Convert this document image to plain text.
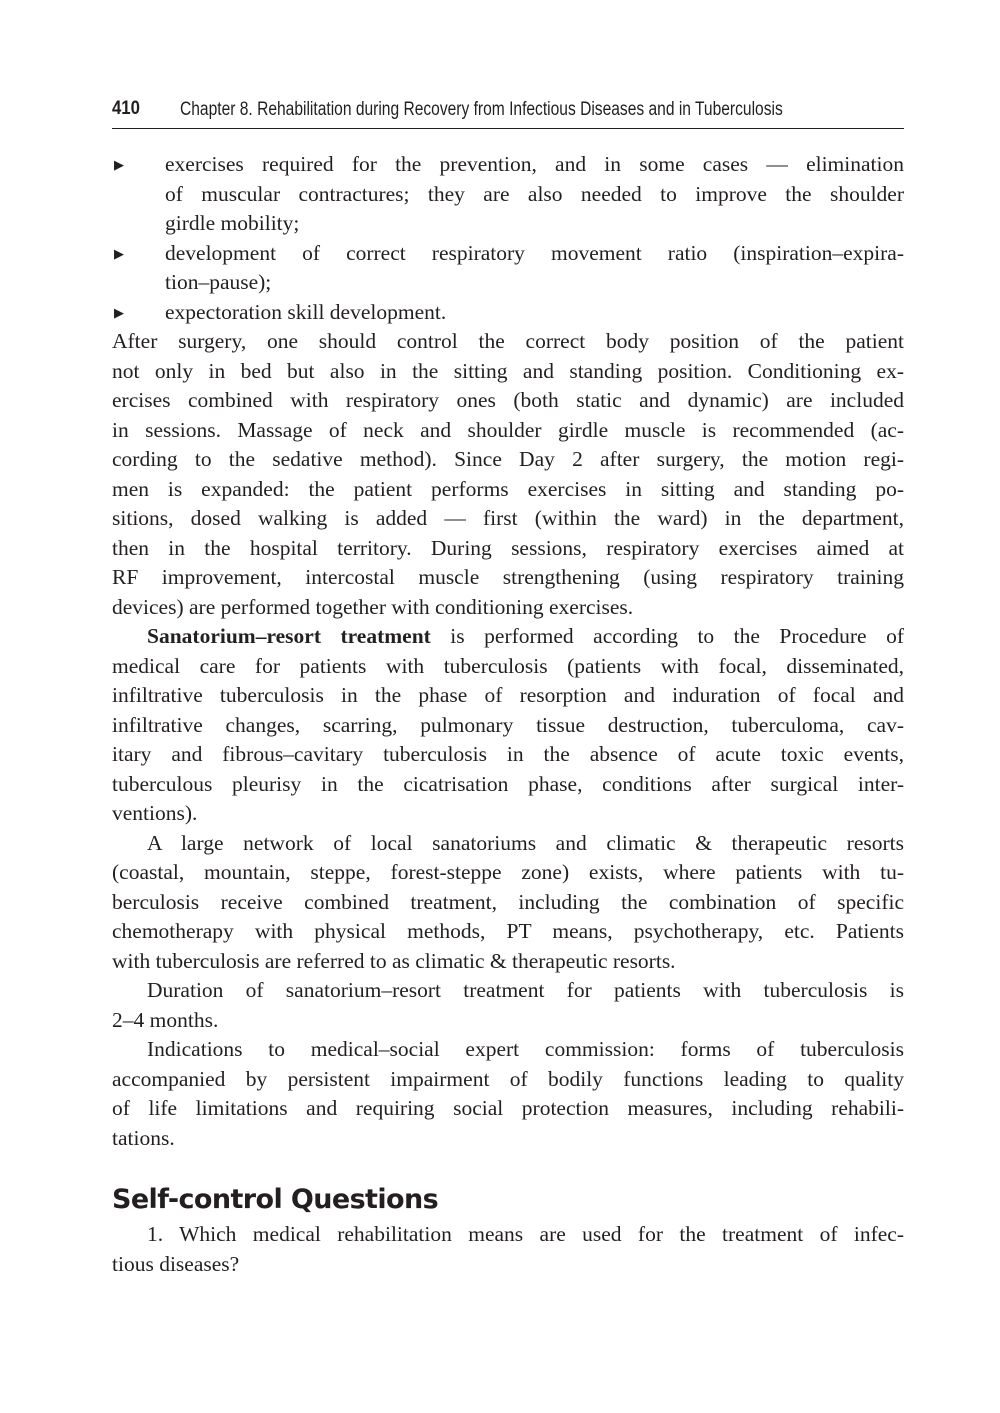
410 Chapter 8. Rehabilitation during Recovery from Infectious Diseases and in Tuberculosis
▶ exercises required for the prevention, and in some cases — elimination
of muscular contractures; they are also needed to improve the shoulder
girdle mobility;
▶ development of correct respiratory movement ratio (inspiration–expira-
tion–pause);
▶ expectoration skill development.
After surgery, one should control the correct body position of the patient
not only in bed but also in the sitting and standing position. Conditioning ex-
ercises combined with respiratory ones (both static and dynamic) are included
in sessions. Massage of neck and shoulder girdle muscle is recommended (ac-
cording to the sedative method). Since Day 2 after surgery, the motion regi-
men is expanded: the patient performs exercises in sitting and standing po-
sitions, dosed walking is added — first (within the ward) in the department,
then in the hospital territory. During sessions, respiratory exercises aimed at
RF improvement, intercostal muscle strengthening (using respiratory training
devices) are performed together with conditioning exercises.
Sanatorium–resort treatment is performed according to the Procedure of
medical care for patients with tuberculosis (patients with focal, disseminated,
infiltrative tuberculosis in the phase of resorption and induration of focal and
infiltrative changes, scarring, pulmonary tissue destruction, tuberculoma, cav-
itary and fibrous–cavitary tuberculosis in the absence of acute toxic events,
tuberculous pleurisy in the cicatrisation phase, conditions after surgical inter-
ventions).
A large network of local sanatoriums and climatic & therapeutic resorts
(coastal, mountain, steppe, forest-steppe zone) exists, where patients with tu-
berculosis receive combined treatment, including the combination of specific
chemotherapy with physical methods, PT means, psychotherapy, etc. Patients
with tuberculosis are referred to as climatic & therapeutic resorts.
Duration of sanatorium–resort treatment for patients with tuberculosis is
2–4 months.
Indications to medical–social expert commission: forms of tuberculosis
accompanied by persistent impairment of bodily functions leading to quality
of life limitations and requiring social protection measures, including rehabili-
tations.
Self-control Questions
1. Which medical rehabilitation means are used for the treatment of infec-
tious diseases?
